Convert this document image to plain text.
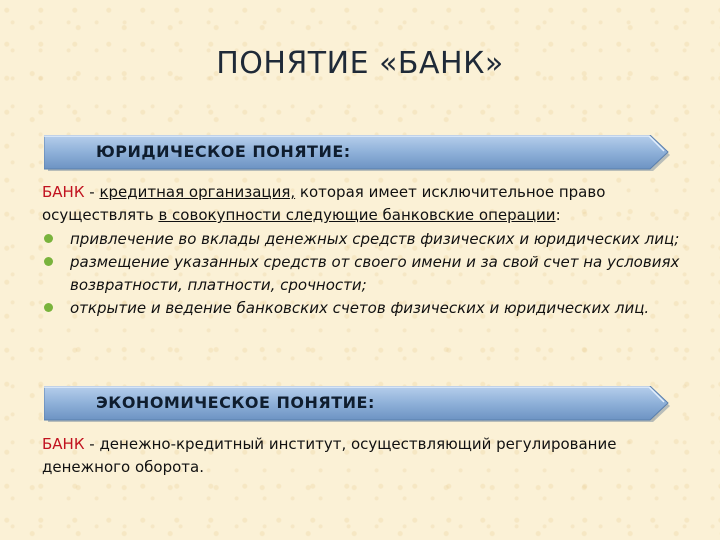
ПОНЯТИЕ «БАНК»
ЮРИДИЧЕСКОЕ ПОНЯТИЕ:
БАНК - кредитная организация, которая имеет исключительное право осуществлять в совокупности следующие банковские операции:
привлечение во вклады денежных средств физических и юридических лиц;
размещение указанных средств от своего имени и за свой счет на условиях возвратности, платности, срочности;
открытие и ведение банковских счетов физических и юридических лиц.
ЭКОНОМИЧЕСКОЕ ПОНЯТИЕ:
БАНК - денежно-кредитный институт, осуществляющий регулирование денежного оборота.
